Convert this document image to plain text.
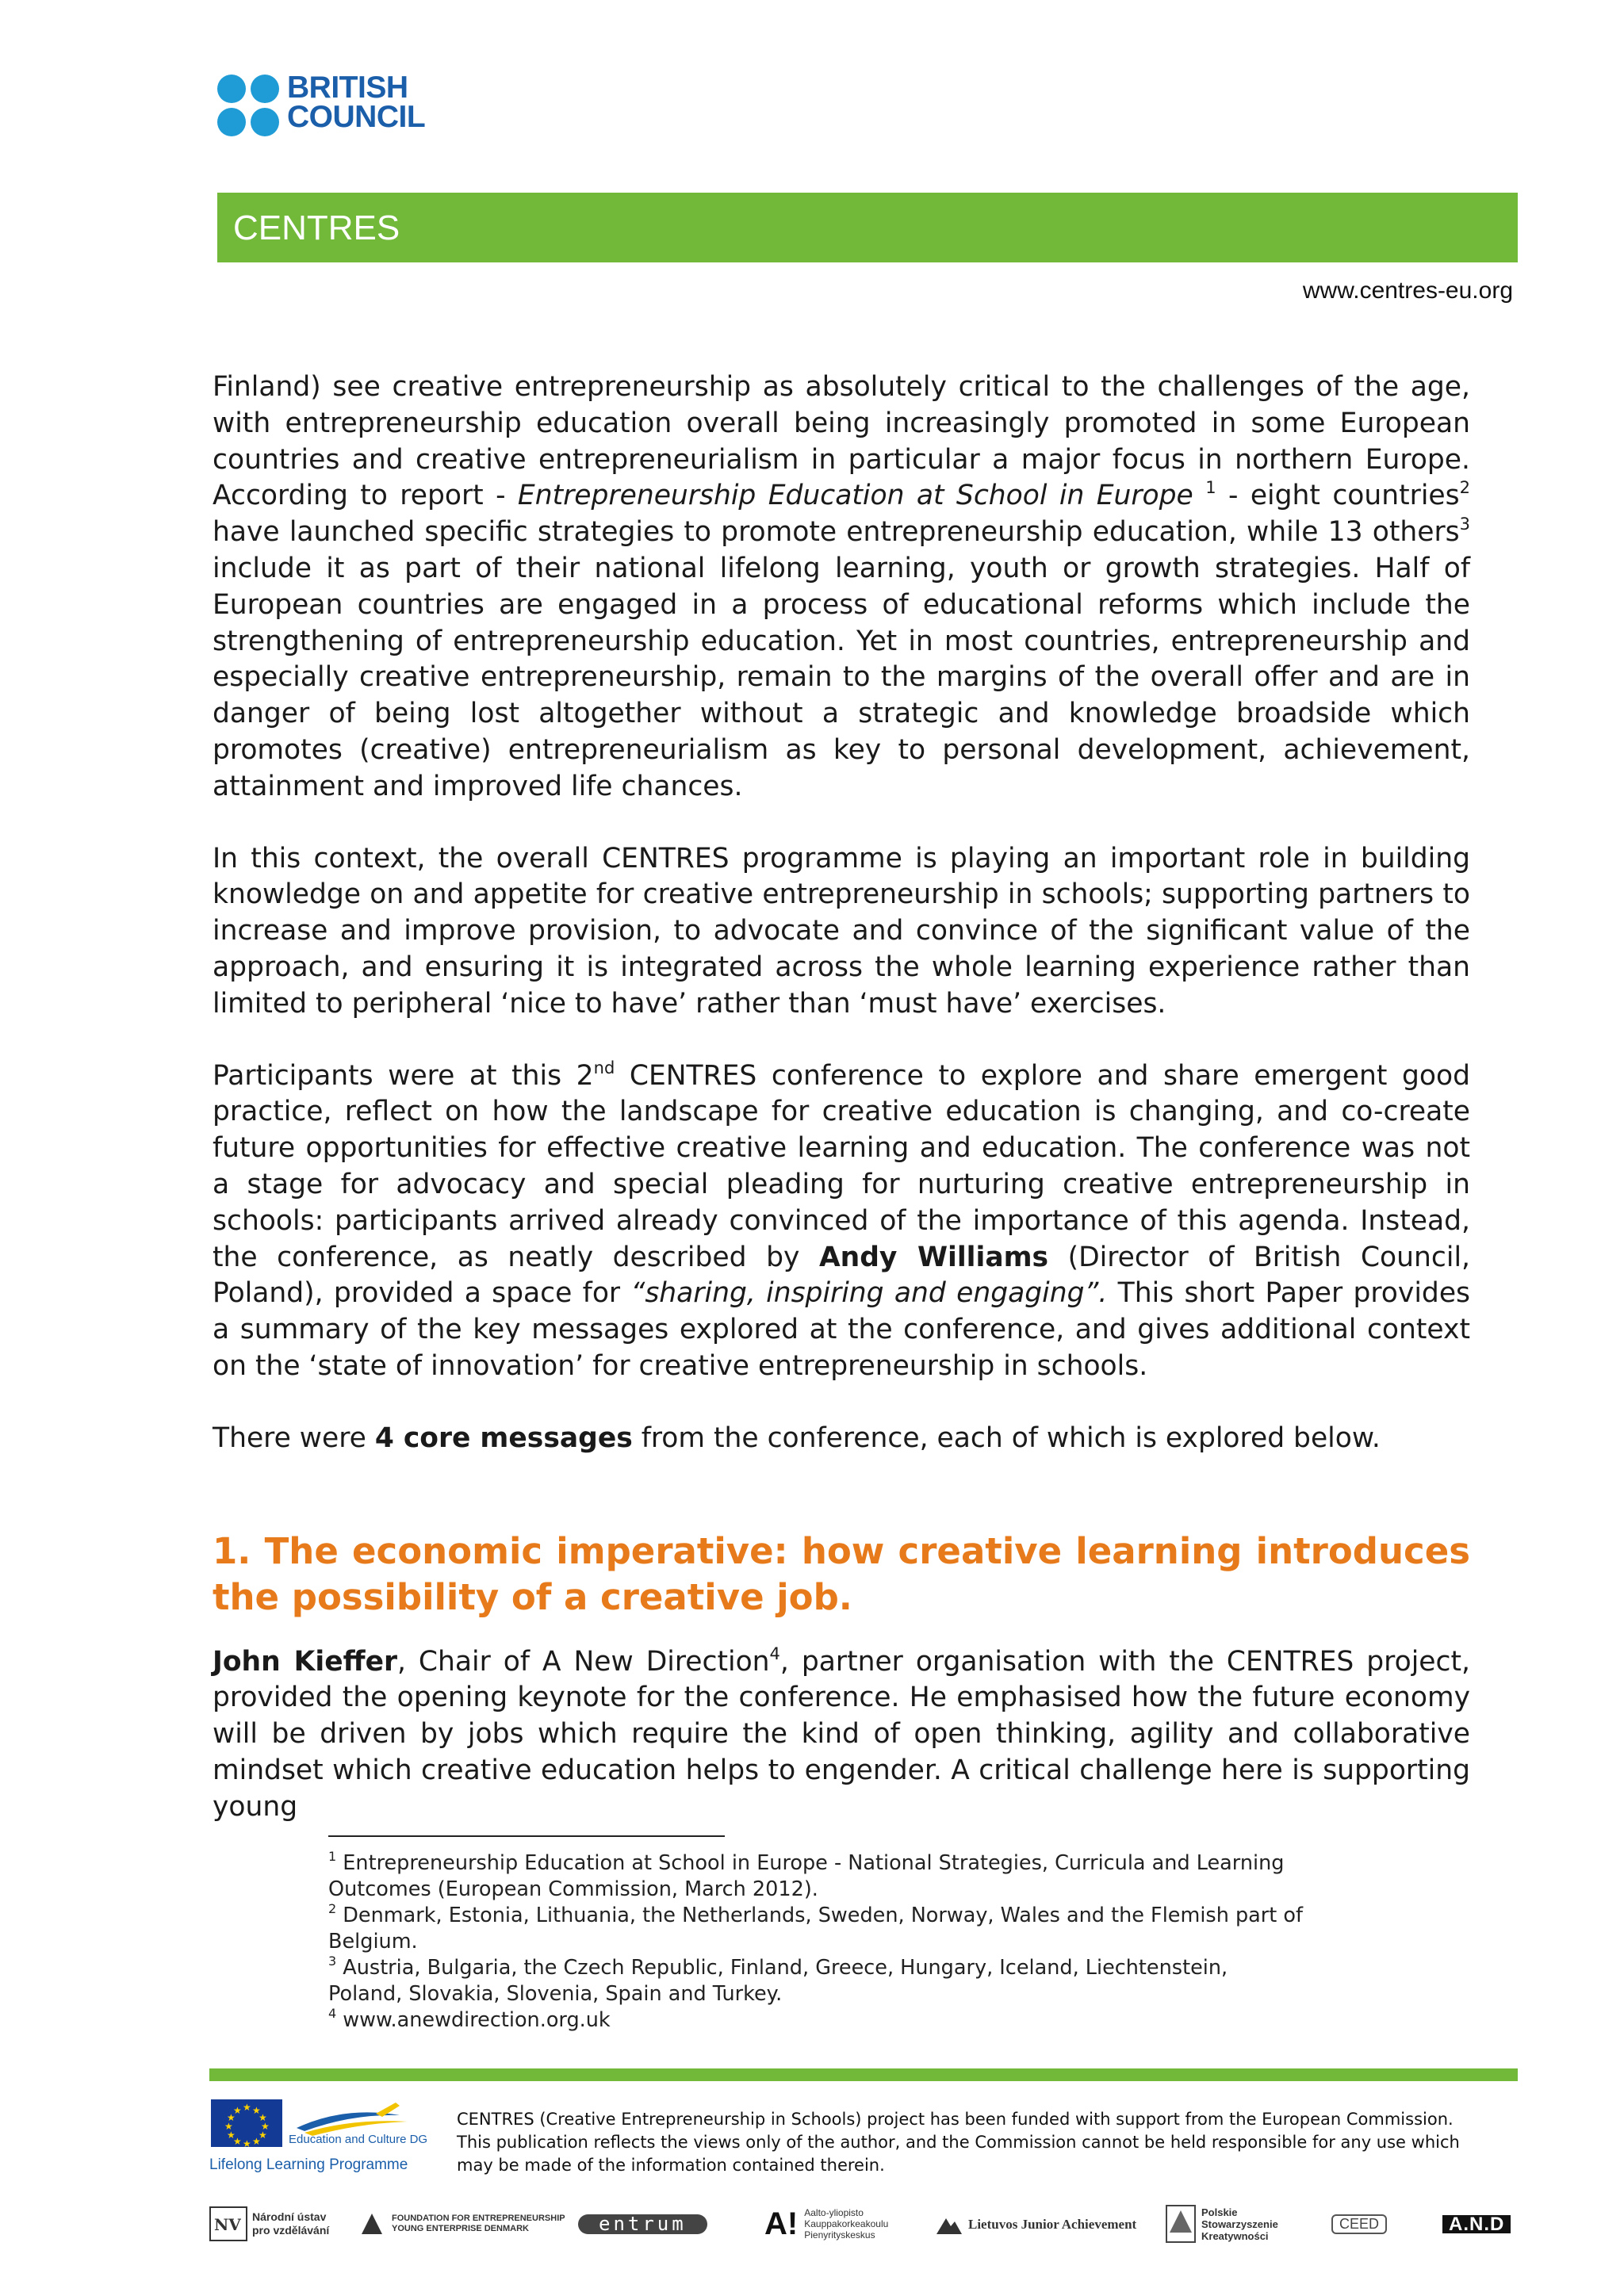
BRITISH
COUNCIL
CENTRES
www.centres-eu.org

Finland) see creative entrepreneurship as absolutely critical to the challenges of the age, with entrepreneurship education overall being increasingly promoted in some European countries and creative entrepreneurialism in particular a major focus in northern Europe. According to report - Entrepreneurship Education at School in Europe $^1$ - eight countries$^2$ have launched specific strategies to promote entrepreneurship education, while 13 others$^3$ include it as part of their national lifelong learning, youth or growth strategies. Half of European countries are engaged in a process of educational reforms which include the strengthening of entrepreneurship education. Yet in most countries, entrepreneurship and especially creative entrepreneurship, remain to the margins of the overall offer and are in danger of being lost altogether without a strategic and knowledge broadside which promotes (creative) entrepreneurialism as key to personal development, achievement, attainment and improved life chances.

In this context, the overall CENTRES programme is playing an important role in building knowledge on and appetite for creative entrepreneurship in schools; supporting partners to increase and improve provision, to advocate and convince of the significant value of the approach, and ensuring it is integrated across the whole learning experience rather than limited to peripheral ‘nice to have’ rather than ‘must have’ exercises.

Participants were at this 2nd CENTRES conference to explore and share emergent good practice, reflect on how the landscape for creative education is changing, and co-create future opportunities for effective creative learning and education. The conference was not a stage for advocacy and special pleading for nurturing creative entrepreneurship in schools: participants arrived already convinced of the importance of this agenda. Instead, the conference, as neatly described by Andy Williams (Director of British Council, Poland), provided a space for “sharing, inspiring and engaging”. This short Paper provides a summary of the key messages explored at the conference, and gives additional context on the ‘state of innovation’ for creative entrepreneurship in schools.

There were 4 core messages from the conference, each of which is explored below.

1. The economic imperative: how creative learning introduces the possibility of a creative job.

John Kieffer, Chair of A New Direction$^4$, partner organisation with the CENTRES project, provided the opening keynote for the conference. He emphasised how the future economy will be driven by jobs which require the kind of open thinking, agility and collaborative mindset which creative education helps to engender. A critical challenge here is supporting young

$^1$ Entrepreneurship Education at School in Europe - National Strategies, Curricula and Learning
Outcomes (European Commission, March 2012).

$^2$ Denmark, Estonia, Lithuania, the Netherlands, Sweden, Norway, Wales and the Flemish part of
Belgium.

$^3$ Austria, Bulgaria, the Czech Republic, Finland, Greece, Hungary, Iceland, Liechtenstein,
Poland, Slovakia, Slovenia, Spain and Turkey.

$^4$ www.anewdirection.org.uk

★ ★
★
★
★
★
★
★
★
★
★
★
Education and Culture DG
Lifelong Learning Programme
CENTRES (Creative Entrepreneurship in Schools) project has been funded with support from the European Commission.
This publication reflects the views only of the author, and the Commission cannot be held responsible for any use which
may be made of the information contained therein.
NV Národní ústav
pro vzdělávání
FOUNDATION FOR ENTREPRENEURSHIP
YOUNG ENTERPRISE DENMARK	entrum	A! Aalto-yliopisto
Kauppakorkeakoulu
Pienyrityskeskus
Lietuvos Junior Achievement
PSK
Polskie
Stowarzyszenie
Kreatywności
CEED	A.N.D
